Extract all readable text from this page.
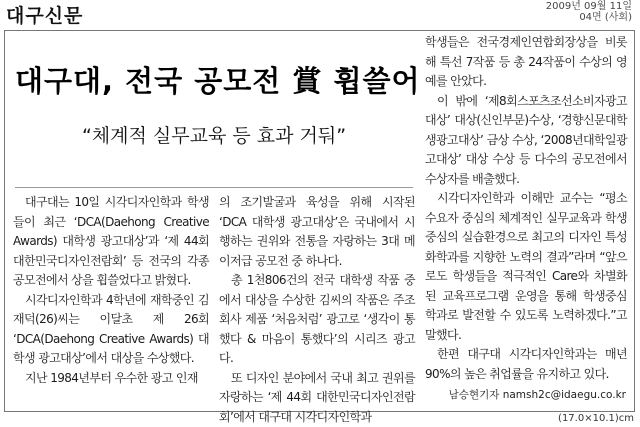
대구신문	2009년 09월 11일
04면 (사회)
대구대, 전국 공모전 賞 휩쓸어
“체계적 실무교육 등 효과 거둬”

대구대는 10일 시각디자인학과 학생들이 최근 ‘DCA(Daehong Creative Awards) 대학생 광고대상’과 ‘제 44회 대한민국디자인전람회’ 등 전국의 각종 공모전에서 상을 휩쓸었다고 밝혔다.

시각디자인학과 4학년에 재학중인 김재덕(26)씨는 이달초 제 26회 ‘DCA(Daehong Creative Awards) 대학생 광고대상’에서 대상을 수상했다.

지난 1984년부터 우수한 광고 인재

의 조기발굴과 육성을 위해 시작된 ‘DCA 대학생 광고대상’은 국내에서 시행하는 권위와 전통을 자랑하는 3대 메이저급 공모전 중 하나다.

총 1천806건의 전국 대학생 작품 중에서 대상을 수상한 김씨의 작품은 주조회사 제품 ‘처음처럼’ 광고로 ‘생각이 통했다 & 마음이 통했다’의 시리즈 광고다.

또 디자인 분야에서 국내 최고 권위를 자랑하는 ‘제 44회 대한민국디자인전람회’에서 대구대 시각디자인학과

학생들은 전국경제인연합회장상을 비롯해 특선 7작품 등 총 24작품이 수상의 영예를 안았다.

이 밖에 ‘제8회스포츠조선소비자광고대상’ 대상(신인부문)수상, ‘경향신문대학생광고대상’ 금상 수상, ‘2008년대학일광고대상’ 대상 수상 등 다수의 공모전에서 수상자를 배출했다.

시각디자인학과 이해만 교수는 “평소 수요자 중심의 체계적인 실무교육과 학생중심의 실습환경으로 최고의 디자인 특성화학과를 지향한 노력의 결과”라며 “앞으로도 학생들을 적극적인 Care와 차별화된 교육프로그램 운영을 통해 학생중심 학과로 발전할 수 있도록 노력하겠다.”고 말했다.

한편 대구대 시각디자인학과는 매년 90%의 높은 취업률을 유지하고 있다.

남승현기자 namsh2c@idaegu.co.kr
(17.0×10.1)cm
